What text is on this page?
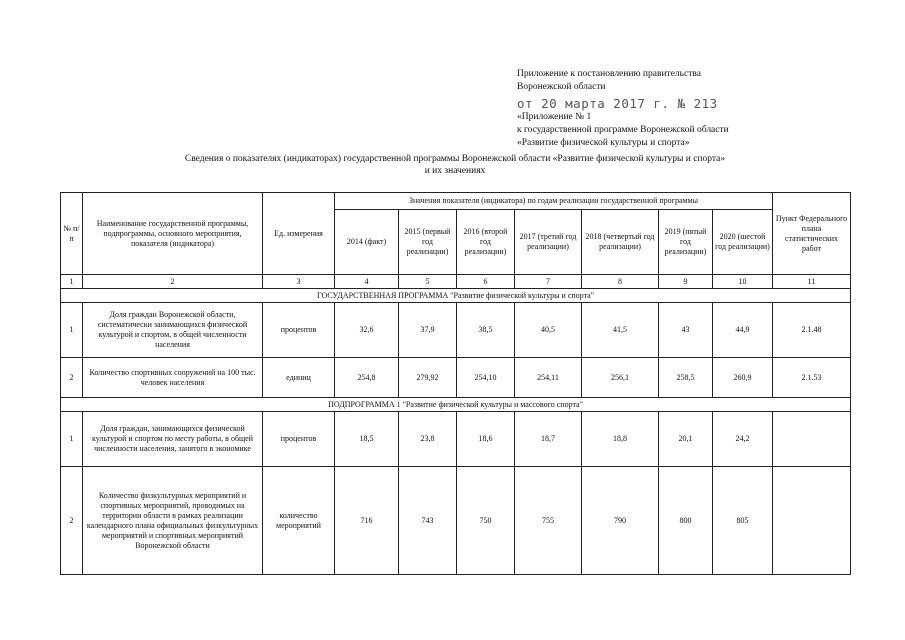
Приложение к постановлению правительства
Воронежской области
от 20 марта 2017 г. № 213
«Приложение № 1
к государственной программе Воронежской области
«Развитие физической культуры и спорта»
Сведения о показателях (индикаторах) государственной программы Воронежской области «Развитие физической культуры и спорта»
и их значениях
№ п/п	Наименование государственной программы, подпрограммы, основного мероприятия, показателя (индикатора)	Ед. измерения	Значения показателя (индикатора) по годам реализации государственной программы							Пункт Федерального плана статистических работ
			2014 (факт)	2015 (первый год реализации)	2016 (второй год реализации)	2017 (третий год реализации)	2018 (четвертый год реализации)	2019 (пятый год реализации)	2020 (шестой год реализации)	
1	2	3	4	5	6	7	8	9	10	11
ГОСУДАРСТВЕННАЯ ПРОГРАММА "Развитие физической культуры и спорта"										
1	Доля граждан Воронежской области, систематически занимающихся физической культурой и спортом, в общей численности населения	процентов	32,6	37,9	38,5	40,5	41,5	43	44,9	2.1.48
2	Количество спортивных сооружений на 100 тыс. человек населения	единиц	254,8	279,92	254,10	254,11	256,1	258,5	260,9	2.1.53
ПОДПРОГРАММА 1 "Развитие физической культуры и массового спорта"										
1	Доля граждан, занимающихся физической культурой и спортом по месту работы, в общей численности населения, занятого в экономике	процентов	18,5	23,8	18,6	18,7	18,8	20,1	24,2	
2	Количество физкультурных мероприятий и спортивных мероприятий, проводимых на территории области в рамках реализации календарного плана официальных физкультурных мероприятий и спортивных мероприятий Воронежской области	количество мероприятий	716	743	750	755	790	800	805	
